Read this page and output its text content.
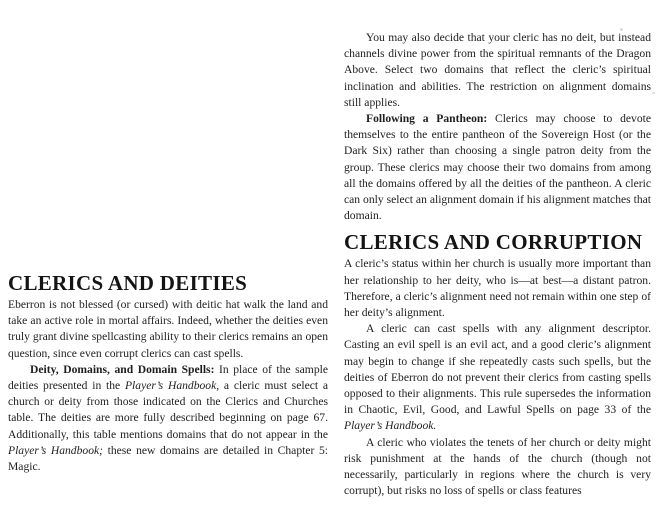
CLERICS AND DEITIES

Eberron is not blessed (or cursed) with deitic hat walk the land and take an active role in mortal affairs. Indeed, whether the deities even truly grant divine spellcasting ability to their clerics remains an open question, since even corrupt clerics can cast spells.

Deity, Domains, and Domain Spells: In place of the sample deities presented in the Player’s Handbook, a cleric must select a church or deity from those indicated on the Clerics and Churches table. The deities are more fully described beginning on page 67. Additionally, this table mentions domains that do not appear in the Player’s Handbook; these new domains are detailed in Chapter 5: Magic.

You may also decide that your cleric has no deit, but instead channels divine power from the spiritual remnants of the Dragon Above. Select two domains that reflect the cleric’s spiritual inclination and abilities. The restriction on alignment domains still applies.

Following a Pantheon: Clerics may choose to devote themselves to the entire pantheon of the Sovereign Host (or the Dark Six) rather than choosing a single patron deity from the group. These clerics may choose their two domains from among all the domains offered by all the deities of the pantheon. A cleric can only select an alignment domain if his alignment matches that domain.

CLERICS AND CORRUPTION

A cleric’s status within her church is usually more important than her relationship to her deity, who is—at best—a distant patron. Therefore, a cleric’s alignment need not remain within one step of her deity’s alignment.

A cleric can cast spells with any alignment descriptor. Casting an evil spell is an evil act, and a good cleric’s alignment may begin to change if she repeatedly casts such spells, but the deities of Eberron do not prevent their clerics from casting spells opposed to their alignments. This rule supersedes the information in Chaotic, Evil, Good, and Lawful Spells on page 33 of the Player’s Handbook.

A cleric who violates the tenets of her church or deity might risk punishment at the hands of the church (though not necessarily, particularly in regions where the church is very corrupt), but risks no loss of spells or class features
